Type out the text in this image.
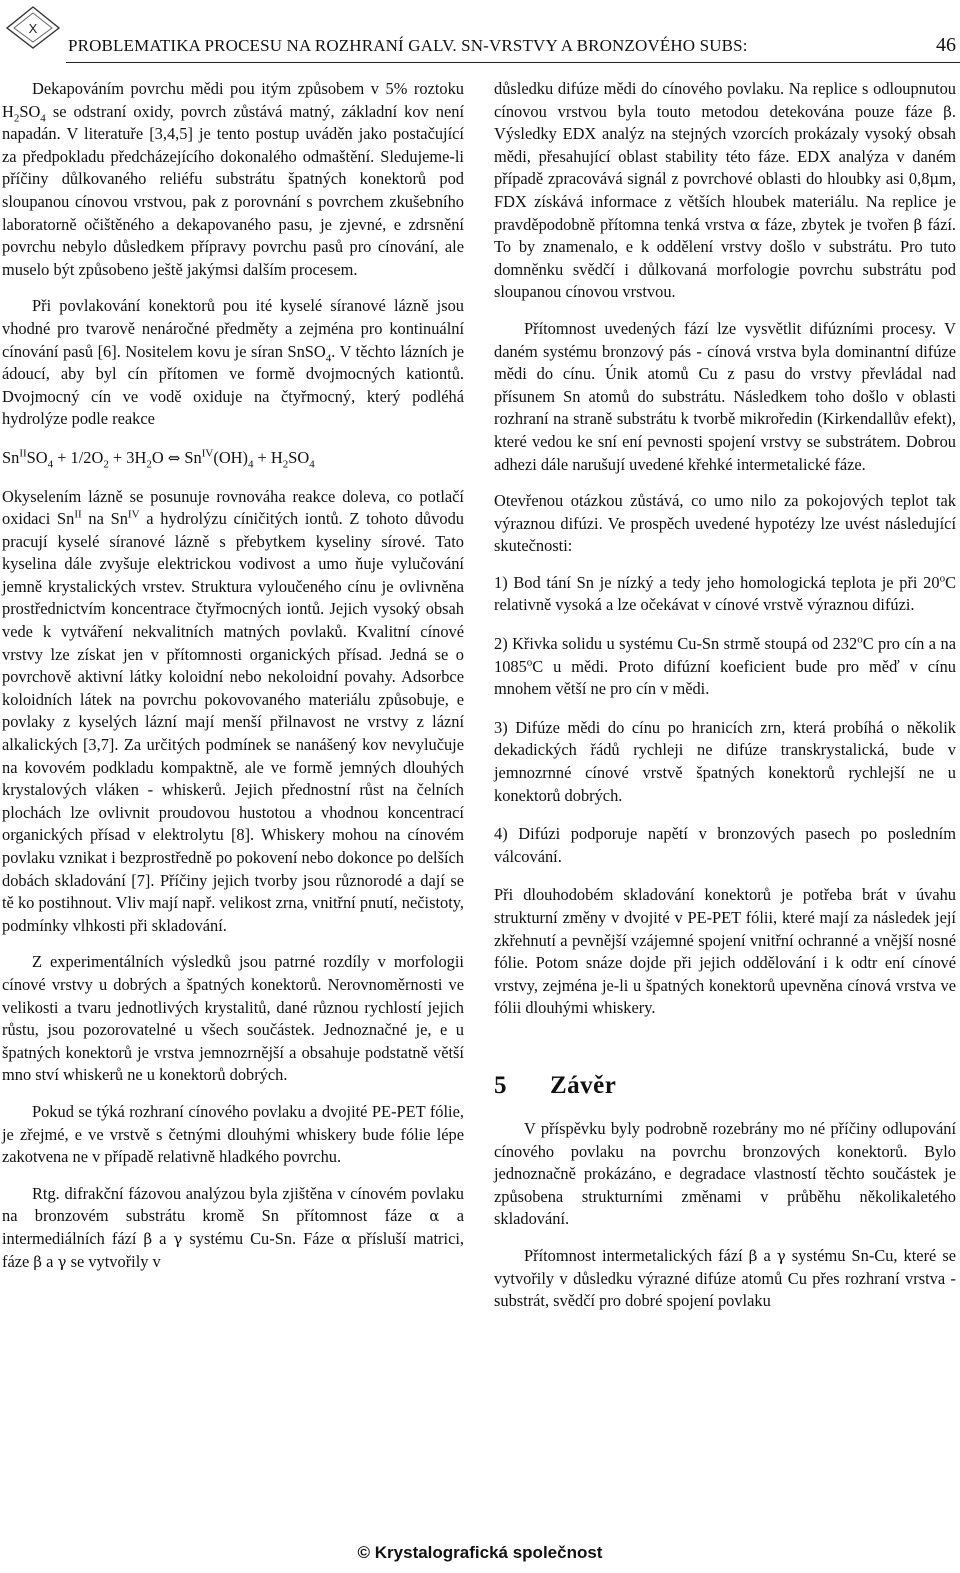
X
PROBLEMATIKA PROCESU NA ROZHRANÍ GALV. SN-VRSTVY A BRONZOVÉHO SUBS:	46

Dekapováním povrchu mědi pou itým způsobem v 5% roztoku $H_2SO_4$ se odstraní oxidy, povrch zůstává matný, základní kov není napadán. V literatuře [3,4,5] je tento postup uváděn jako postačující za předpokladu předcházejícího dokonalého odmaštění. Sledujeme-li příčiny důlkovaného reliéfu substrátu špatných konektorů pod sloupanou cínovou vrstvou, pak z porovnání s povrchem zkušebního laboratorně očištěného a dekapovaného pasu, je zjevné, e zdrsnění povrchu nebylo důsledkem přípravy povrchu pasů pro cínování, ale muselo být způsobeno ještě jakýmsi dalším procesem.

Při povlakování konektorů pou ité kyselé síranové lázně jsou vhodné pro tvarově nenáročné předměty a zejména pro kontinuální cínování pasů [6]. Nositelem kovu je síran SnSO$_4$. V těchto lázních je ádoucí, aby byl cín přítomen ve formě dvojmocných kationtů. Dvojmocný cín ve vodě oxiduje na čtyřmocný, který podléhá hydrolýze podle reakce

$Sn^{II}SO_4 + 1/2O_2 + 3H_2O$ ⇔ $Sn^{IV}(OH)_4 + H_2SO_4$

Okyselením lázně se posunuje rovnováha reakce doleva, co potlačí oxidaci $Sn^{II}$ na $Sn^{IV}$ a hydrolýzu cíničitých iontů. Z tohoto důvodu pracují kyselé síranové lázně s přebytkem kyseliny sírové. Tato kyselina dále zvyšuje elektrickou vodivost a umo ňuje vylučování jemně krystalických vrstev. Struktura vyloučeného cínu je ovlivněna prostřednictvím koncentrace čtyřmocných iontů. Jejich vysoký obsah vede k vytváření nekvalitních matných povlaků. Kvalitní cínové vrstvy lze získat jen v přítomnosti organických přísad. Jedná se o povrchově aktivní látky koloidní nebo nekoloidní povahy. Adsorbce koloidních látek na povrchu pokovovaného materiálu způsobuje, e povlaky z kyselých lázní mají menší přilnavost ne vrstvy z lázní alkalických [3,7]. Za určitých podmínek se nanášený kov nevylučuje na kovovém podkladu kompaktně, ale ve formě jemných dlouhých krystalových vláken - whiskerů. Jejich přednostní růst na čelních plochách lze ovlivnit proudovou hustotou a vhodnou koncentrací organických přísad v elektrolytu [8]. Whiskery mohou na cínovém povlaku vznikat i bezprostředně po pokovení nebo dokonce po delších dobách skladování [7]. Příčiny jejich tvorby jsou různorodé a dají se tě ko postihnout. Vliv mají např. velikost zrna, vnitřní pnutí, nečistoty, podmínky vlhkosti při skladování.

Z experimentálních výsledků jsou patrné rozdíly v morfologii cínové vrstvy u dobrých a špatných konektorů. Nerovnoměrnosti ve velikosti a tvaru jednotlivých krystalitů, dané různou rychlostí jejich růstu, jsou pozorovatelné u všech součástek. Jednoznačné je, e u špatných konektorů je vrstva jemnozrnější a obsahuje podstatně větší mno ství whiskerů ne u konektorů dobrých.

Pokud se týká rozhraní cínového povlaku a dvojité PE-PET fólie, je zřejmé, e ve vrstvě s četnými dlouhými whiskery bude fólie lépe zakotvena ne v případě relativně hladkého povrchu.

Rtg. difrakční fázovou analýzou byla zjištěna v cínovém povlaku na bronzovém substrátu kromě Sn přítomnost fáze α a intermediálních fází β a γ systému Cu-Sn. Fáze α přísluší matrici, fáze β a γ se vytvořily v

důsledku difúze mědi do cínového povlaku. Na replice s odloupnutou cínovou vrstvou byla touto metodou detekována pouze fáze β. Výsledky EDX analýz na stejných vzorcích prokázaly vysoký obsah mědi, přesahující oblast stability této fáze. EDX analýza v daném případě zpracovává signál z povrchové oblasti do hloubky asi 0,8μm, FDX získává informace z větších hloubek materiálu. Na replice je pravděpodobně přítomna tenká vrstva α fáze, zbytek je tvořen β fází. To by znamenalo, e k oddělení vrstvy došlo v substrátu. Pro tuto domněnku svědčí i důlkovaná morfologie povrchu substrátu pod sloupanou cínovou vrstvou.

Přítomnost uvedených fází lze vysvětlit difúzními procesy. V daném systému bronzový pás - cínová vrstva byla dominantní difúze mědi do cínu. Únik atomů Cu z pasu do vrstvy převládal nad přísunem Sn atomů do substrátu. Následkem toho došlo v oblasti rozhraní na straně substrátu k tvorbě mikroředin (Kirkendallův efekt), které vedou ke sní ení pevnosti spojení vrstvy se substrátem. Dobrou adhezi dále narušují uvedené křehké intermetalické fáze.

Otevřenou otázkou zůstává, co umo nilo za pokojových teplot tak výraznou difúzi. Ve prospěch uvedené hypotézy lze uvést následující skutečnosti:

1) Bod tání Sn je nízký a tedy jeho homologická teplota je při 20$^o$C relativně vysoká a lze očekávat v cínové vrstvě výraznou difúzi.

2) Křivka solidu u systému Cu-Sn strmě stoupá od 232$^o$C pro cín a na 1085$^o$C u mědi. Proto difúzní koeficient bude pro měď v cínu mnohem větší ne pro cín v mědi.

3) Difúze mědi do cínu po hranicích zrn, která probíhá o několik dekadických řádů rychleji ne difúze transkrystalická, bude v jemnozrnné cínové vrstvě špatných konektorů rychlejší ne u konektorů dobrých.

4) Difúzi podporuje napětí v bronzových pasech po posledním válcování.

Při dlouhodobém skladování konektorů je potřeba brát v úvahu strukturní změny v dvojité v PE-PET fólii, které mají za následek její zkřehnutí a pevnější vzájemné spojení vnitřní ochranné a vnější nosné fólie. Potom snáze dojde při jejich oddělování i k odtr ení cínové vrstvy, zejména je-li u špatných konektorů upevněna cínová vrstva ve fólii dlouhými whiskery.

5 Závěr

V příspěvku byly podrobně rozebrány mo né příčiny odlupování cínového povlaku na povrchu bronzových konektorů. Bylo jednoznačně prokázáno, e degradace vlastností těchto součástek je způsobena strukturními změnami v průběhu několikaletého skladování.

Přítomnost intermetalických fází β a γ systému Sn-Cu, které se vytvořily v důsledku výrazné difúze atomů Cu přes rozhraní vrstva - substrát, svědčí pro dobré spojení povlaku

© Krystalografická společnost
